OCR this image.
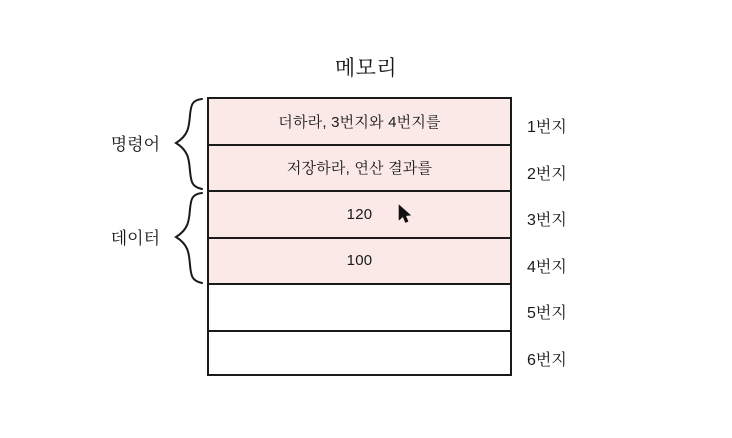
메모리
명령어
데이터
더하라, 3번지와 4번지를
저장하라, 연산 결과를
120
100
1번지
2번지
3번지
4번지
5번지
6번지
